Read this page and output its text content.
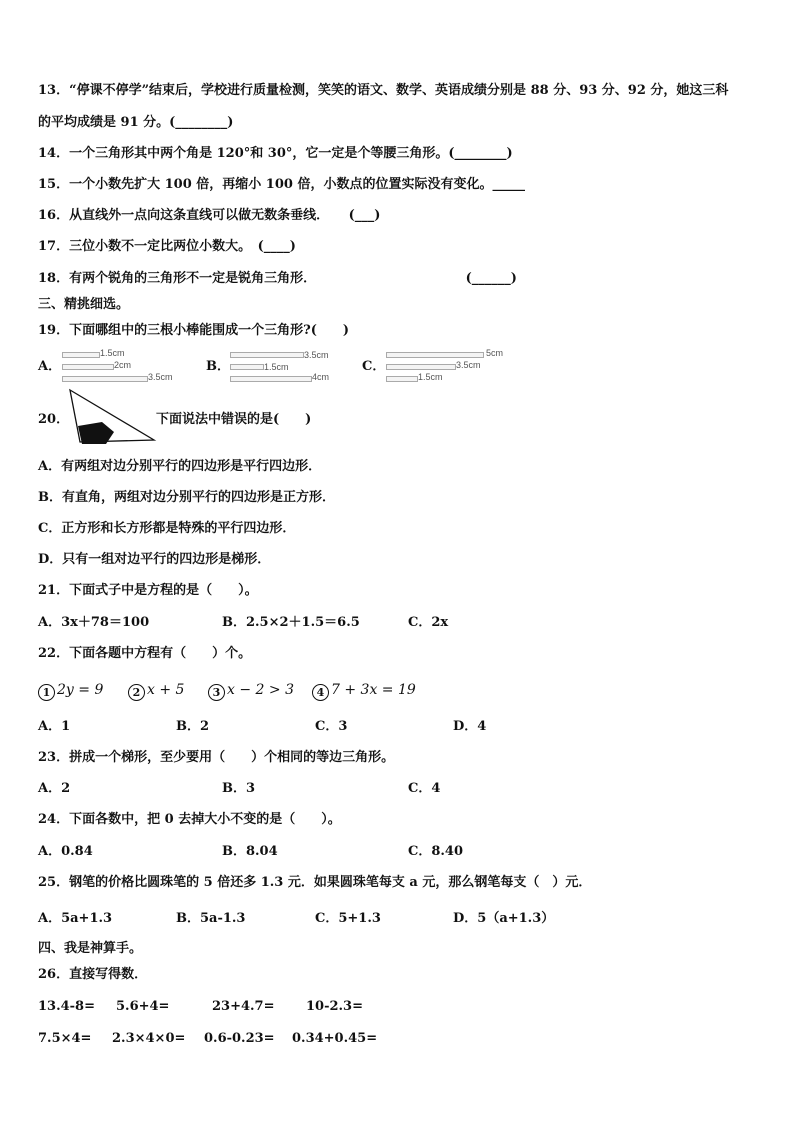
13．“停课不停学”结束后，学校进行质量检测，笑笑的语文、数学、英语成绩分别是 88 分、93 分、92 分，她这三科
的平均成绩是 91 分。(________)
14．一个三角形其中两个角是 120°和 30°，它一定是个等腰三角形。(________)
15．一个小数先扩大 100 倍，再缩小 100 倍，小数点的位置实际没有变化。_____
16．从直线外一点向这条直线可以做无数条垂线．　　(___)
17．三位小数不一定比两位小数大。　(____)
18．有两个锐角的三角形不一定是锐角三角形．　　　　　　　　　　　　(______)
三、精挑细选。
19．下面哪组中的三根小棒能围成一个三角形?(　　)
A．
1.5cm
2cm
3.5cm
B．
3.5cm
1.5cm
4cm
C．
5cm
3.5cm
1.5cm
20．	下面说法中错误的是(　　)
A．有两组对边分别平行的四边形是平行四边形．
B．有直角，两组对边分别平行的四边形是正方形．
C．正方形和长方形都是特殊的平行四边形．
D．只有一组对边平行的四边形是梯形．
21．下面式子中是方程的是（　　）。
A．3x＋78＝100	B．2.5×2＋1.5＝6.5	C．2x
22．下面各题中方程有（　　）个。
1 2y = 9	2 x + 5	3 x − 2 > 3	4 7 + 3x = 19
A．1	B．2	C．3	D．4
23．拼成一个梯形，至少要用（　　）个相同的等边三角形。
A．2	B．3	C．4
24．下面各数中，把 0 去掉大小不变的是（　　）。
A．0.84	B．8.04	C．8.40
25．钢笔的价格比圆珠笔的 5 倍还多 1.3 元．如果圆珠笔每支 a 元，那么钢笔每支（　）元．
A．5a+1.3	B．5a-1.3	C．5+1.3	D．5（a+1.3）
四、我是神算手。
26．直接写得数．
13.4-8= 5.6+4=	23+4.7= 10-2.3=
7.5×4= 2.3×4×0= 0.6-0.23= 0.34+0.45=
